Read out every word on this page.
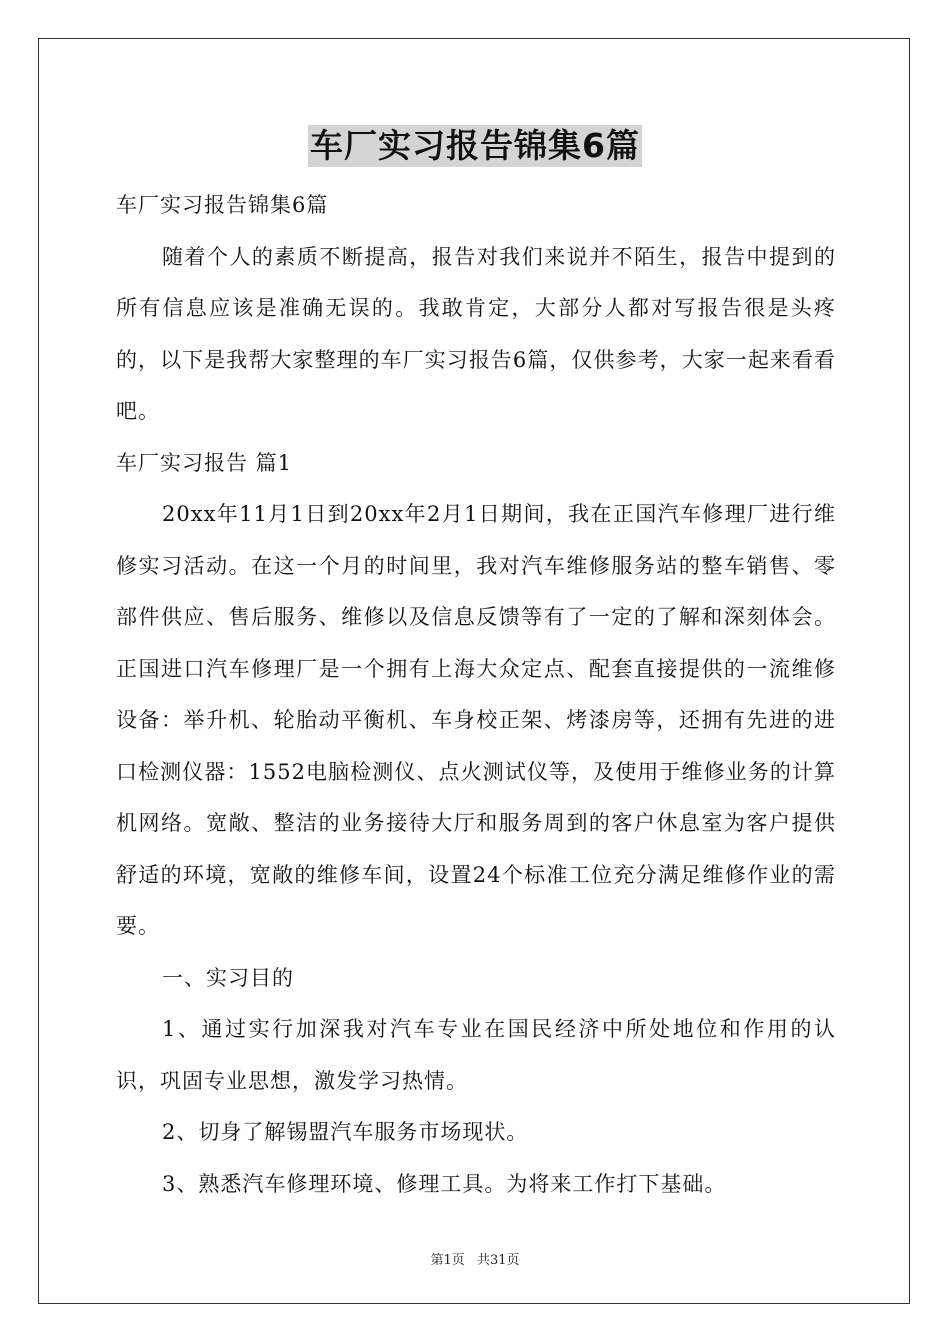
车厂实习报告锦集6篇

车厂实习报告锦集6篇

随着个人的素质不断提高，报告对我们来说并不陌生，报告中提到的所有信息应该是准确无误的。我敢肯定，大部分人都对写报告很是头疼的，以下是我帮大家整理的车厂实习报告6篇，仅供参考，大家一起来看看吧。

车厂实习报告 篇1

20xx年11月1日到20xx年2月1日期间，我在正国汽车修理厂进行维修实习活动。在这一个月的时间里，我对汽车维修服务站的整车销售、零部件供应、售后服务、维修以及信息反馈等有了一定的了解和深刻体会。正国进口汽车修理厂是一个拥有上海大众定点、配套直接提供的一流维修设备：举升机、轮胎动平衡机、车身校正架、烤漆房等，还拥有先进的进口检测仪器：1552电脑检测仪、点火测试仪等，及使用于维修业务的计算机网络。宽敞、整洁的业务接待大厅和服务周到的客户休息室为客户提供舒适的环境，宽敞的维修车间，设置24个标准工位充分满足维修作业的需要。

一、实习目的

1、通过实行加深我对汽车专业在国民经济中所处地位和作用的认识，巩固专业思想，激发学习热情。

2、切身了解锡盟汽车服务市场现状。

3、熟悉汽车修理环境、修理工具。为将来工作打下基础。

第1页 共31页
